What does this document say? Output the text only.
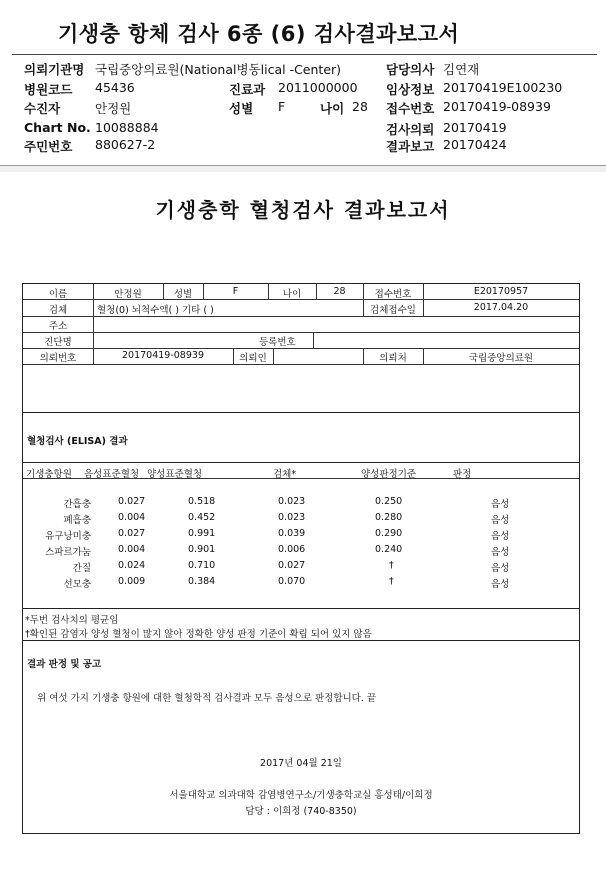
기생충 항체 검사 6종 (6) 검사결과보고서
의뢰기관명 국립중앙의료원(National병동lical -Center)	담당의사 김연재
병원코드 45436	진료과 2011000000 임상정보 20170419E100230
수진자	안정원	성별 F	나이 28 접수번호 20170419-08939
Chart No. 10088884	검사의뢰 20170419
주민번호 880627-2	결과보고 20170424
기생충학 혈청검사 결과보고서
이름	안정원	성별	F	나이	28	접수번호	E20170957
검체	혈청(0) 뇌척수액( ) 기타 ( )	검체접수일	2017.04.20
주소
진단명	등록번호
의뢰번호	20170419-08939	의뢰인	의뢰처	국립중앙의료원
혈청검사 (ELISA) 결과
기생충항원 음성표준혈청 양성표준혈청	검체*	양성판정기준	판정
간흡충	0.027	0.518	0.023	0.250	음성
폐흡충	0.004	0.452	0.023	0.280	음성
유구낭미충	0.027	0.991	0.039	0.290	음성
스파르가눔	0.004	0.901	0.006	0.240	음성
간질	0.024	0.710	0.027	†	음성
선모충	0.009	0.384	0.070	†	음성
*두번 검사치의 평균임
†확인된 감염자 양성 혈청이 많지 않아 정확한 양성 판정 기준이 확립 되어 있지 않음
결과 판정 및 공고
위 여섯 가지 기생충 항원에 대한 혈청학적 검사결과 모두 음성으로 판정합니다. 끝
2017년 04월 21일
서울대학교 의과대학 감염병연구소/기생충학교실 홍성태/이희정
담당 : 이희정 (740-8350)
